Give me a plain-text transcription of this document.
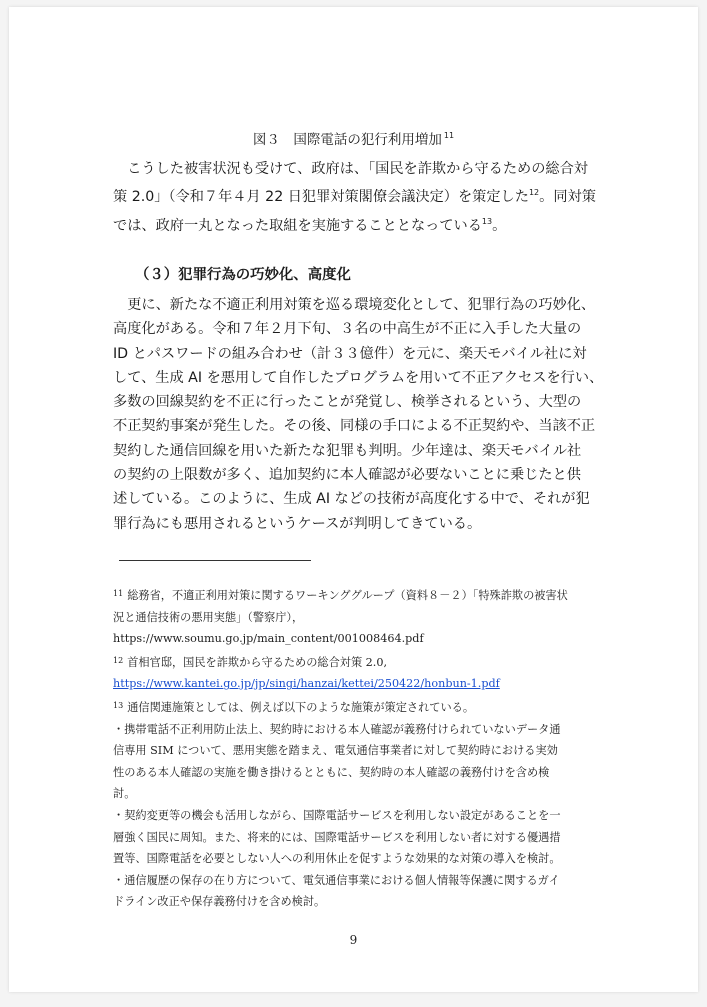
図３　国際電話の犯行利用増加 $^{11}$
　こうした被害状況も受けて、政府は、「国民を詐欺から守るための総合対
策 2.0」（令和７年４月 22 日犯罪対策閣僚会議決定）を策定した$^{12}$。同対策
では、政府一丸となった取組を実施することとなっている$^{13}$。
（３）犯罪行為の巧妙化、高度化
　更に、新たな不適正利用対策を巡る環境変化として、犯罪行為の巧妙化、
高度化がある。令和７年２月下旬、３名の中高生が不正に入手した大量の
ID とパスワードの組み合わせ（計３３億件）を元に、楽天モバイル社に対
して、生成 AI を悪用して自作したプログラムを用いて不正アクセスを行い、
多数の回線契約を不正に行ったことが発覚し、検挙されるという、大型の
不正契約事案が発生した。その後、同様の手口による不正契約や、当該不正
契約した通信回線を用いた新たな犯罪も判明。少年達は、楽天モバイル社
の契約の上限数が多く、追加契約に本人確認が必要ないことに乗じたと供
述している。このように、生成 AI などの技術が高度化する中で、それが犯
罪行為にも悪用されるというケースが判明してきている。
$^{11}$ 総務省，不適正利用対策に関するワーキンググループ（資料８－２）「特殊詐欺の被害状
況と通信技術の悪用実態」（警察庁），
https://www.soumu.go.jp/main_content/001008464.pdf
$^{12}$ 首相官邸，国民を詐欺から守るための総合対策 2.0,
https://www.kantei.go.jp/jp/singi/hanzai/kettei/250422/honbun-1.pdf
$^{13}$ 通信関連施策としては、例えば以下のような施策が策定されている。
・携帯電話不正利用防止法上、契約時における本人確認が義務付けられていないデータ通
信専用 SIM について、悪用実態を踏まえ、電気通信事業者に対して契約時における実効
性のある本人確認の実施を働き掛けるとともに、契約時の本人確認の義務付けを含め検
討。
・契約変更等の機会も活用しながら、国際電話サービスを利用しない設定があることを一
層強く国民に周知。また、将来的には、国際電話サービスを利用しない者に対する優遇措
置等、国際電話を必要としない人への利用休止を促すような効果的な対策の導入を検討。
・通信履歴の保存の在り方について、電気通信事業における個人情報等保護に関するガイ
ドライン改正や保存義務付けを含め検討。
9
